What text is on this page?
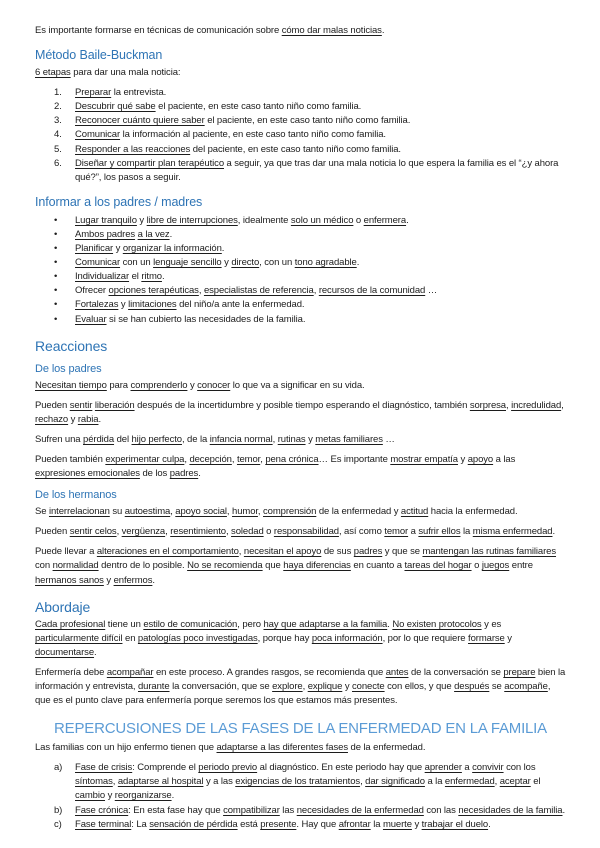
Es importante formarse en técnicas de comunicación sobre cómo dar malas noticias.

Método Baile-Buckman

6 etapas para dar una mala noticia:

1.	Preparar la entrevista.
2.	Descubrir qué sabe el paciente, en este caso tanto niño como familia.
3.	Reconocer cuánto quiere saber el paciente, en este caso tanto niño como familia.
4.	Comunicar la información al paciente, en este caso tanto niño como familia.
5.	Responder a las reacciones del paciente, en este caso tanto niño como familia.
6.	Diseñar y compartir plan terapéutico a seguir, ya que tras dar una mala noticia lo que espera la familia es el “¿y ahora qué?”, los pasos a seguir.
Informar a los padres / madres
•	Lugar tranquilo y libre de interrupciones, idealmente solo un médico o enfermera.
•	Ambos padres a la vez.
•	Planificar y organizar la información.
•	Comunicar con un lenguaje sencillo y directo, con un tono agradable.
•	Individualizar el ritmo.
•	Ofrecer opciones terapéuticas, especialistas de referencia, recursos de la comunidad …
•	Fortalezas y limitaciones del niño/a ante la enfermedad.
•	Evaluar si se han cubierto las necesidades de la familia.
Reacciones
De los padres

Necesitan tiempo para comprenderlo y conocer lo que va a significar en su vida.

Pueden sentir liberación después de la incertidumbre y posible tiempo esperando el diagnóstico, también sorpresa, incredulidad, rechazo y rabia.

Sufren una pérdida del hijo perfecto, de la infancia normal, rutinas y metas familiares …

Pueden también experimentar culpa, decepción, temor, pena crónica… Es importante mostrar empatía y apoyo a las expresiones emocionales de los padres.

De los hermanos

Se interrelacionan su autoestima, apoyo social, humor, comprensión de la enfermedad y actitud hacia la enfermedad.

Pueden sentir celos, vergüenza, resentimiento, soledad o responsabilidad, así como temor a sufrir ellos la misma enfermedad.

Puede llevar a alteraciones en el comportamiento, necesitan el apoyo de sus padres y que se mantengan las rutinas familiares con normalidad dentro de lo posible. No se recomienda que haya diferencias en cuanto a tareas del hogar o juegos entre hermanos sanos y enfermos.

Abordaje

Cada profesional tiene un estilo de comunicación, pero hay que adaptarse a la familia. No existen protocolos y es particularmente difícil en patologías poco investigadas, porque hay poca información, por lo que requiere formarse y documentarse.

Enfermería debe acompañar en este proceso. A grandes rasgos, se recomienda que antes de la conversación se prepare bien la información y entrevista, durante la conversación, que se explore, explique y conecte con ellos, y que después se acompañe, que es el punto clave para enfermería porque seremos los que estamos más presentes.

REPERCUSIONES DE LAS FASES DE LA ENFERMEDAD EN LA FAMILIA

Las familias con un hijo enfermo tienen que adaptarse a las diferentes fases de la enfermedad.

a)	Fase de crisis: Comprende el periodo previo al diagnóstico. En este periodo hay que aprender a convivir con los síntomas, adaptarse al hospital y a las exigencias de los tratamientos, dar significado a la enfermedad, aceptar el cambio y reorganizarse.
b)	Fase crónica: En esta fase hay que compatibilizar las necesidades de la enfermedad con las necesidades de la familia.
c)	Fase terminal: La sensación de pérdida está presente. Hay que afrontar la muerte y trabajar el duelo.
